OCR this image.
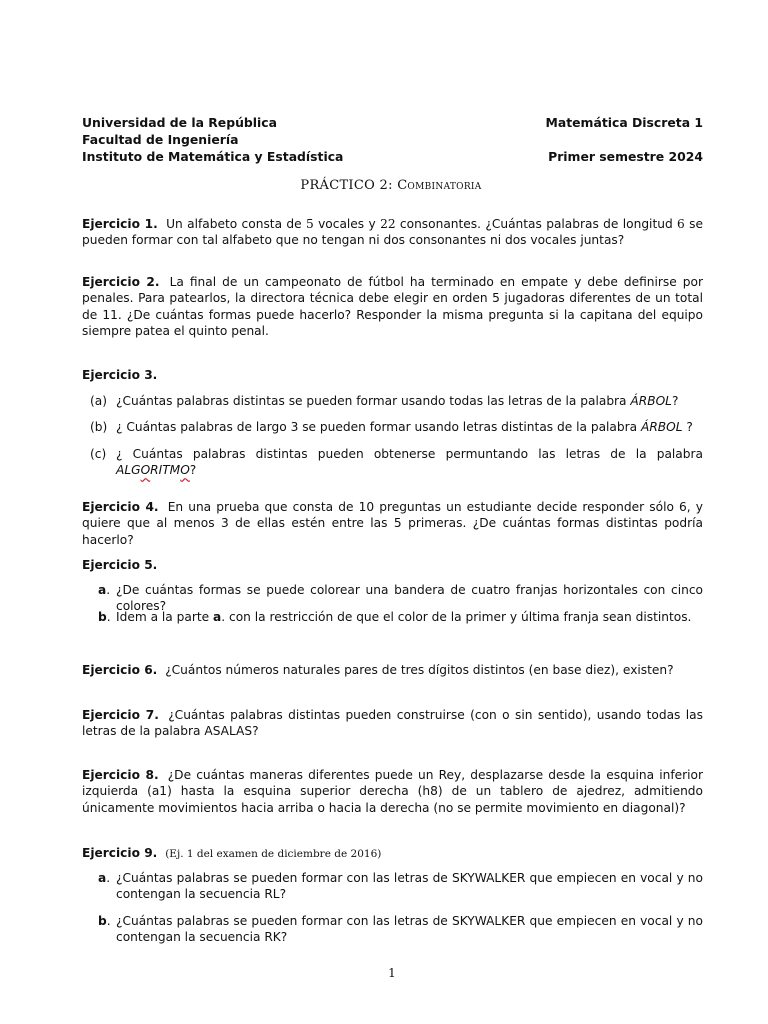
Universidad de la República
Facultad de Ingeniería
Instituto de Matemática y Estadística
Matemática Discreta 1
Primer semestre 2024
PRÁCTICO 2: Combinatoria
Ejercicio 1. Un alfabeto consta de 5 vocales y 22 consonantes. ¿Cuántas palabras de longitud 6 se pueden formar con tal alfabeto que no tengan ni dos consonantes ni dos vocales juntas?
Ejercicio 2. La final de un campeonato de fútbol ha terminado en empate y debe definirse por penales. Para patearlos, la directora técnica debe elegir en orden 5 jugadoras diferentes de un total de 11. ¿De cuántas formas puede hacerlo? Responder la misma pregunta si la capitana del equipo siempre patea el quinto penal.
Ejercicio 3.
(a) ¿Cuántas palabras distintas se pueden formar usando todas las letras de la palabra ÁRBOL?
(b) ¿ Cuántas palabras de largo 3 se pueden formar usando letras distintas de la palabra ÁRBOL ?
(c) ¿ Cuántas palabras distintas pueden obtenerse permuntando las letras de la palabra ALGORITMO?
Ejercicio 4. En una prueba que consta de 10 preguntas un estudiante decide responder sólo 6, y quiere que al menos 3 de ellas estén entre las 5 primeras. ¿De cuántas formas distintas podría hacerlo?
Ejercicio 5.
a. ¿De cuántas formas se puede colorear una bandera de cuatro franjas horizontales con cinco colores?
b. Idem a la parte a. con la restricción de que el color de la primer y última franja sean distintos.
Ejercicio 6. ¿Cuántos números naturales pares de tres dígitos distintos (en base diez), existen?
Ejercicio 7. ¿Cuántas palabras distintas pueden construirse (con o sin sentido), usando todas las letras de la palabra ASALAS?
Ejercicio 8. ¿De cuántas maneras diferentes puede un Rey, desplazarse desde la esquina inferior izquierda (a1) hasta la esquina superior derecha (h8) de un tablero de ajedrez, admitiendo únicamente movimientos hacia arriba o hacia la derecha (no se permite movimiento en diagonal)?
Ejercicio 9. (Ej. 1 del examen de diciembre de 2016)
a. ¿Cuántas palabras se pueden formar con las letras de SKYWALKER que empiecen en vocal y no contengan la secuencia RL?
b. ¿Cuántas palabras se pueden formar con las letras de SKYWALKER que empiecen en vocal y no contengan la secuencia RK?
1
